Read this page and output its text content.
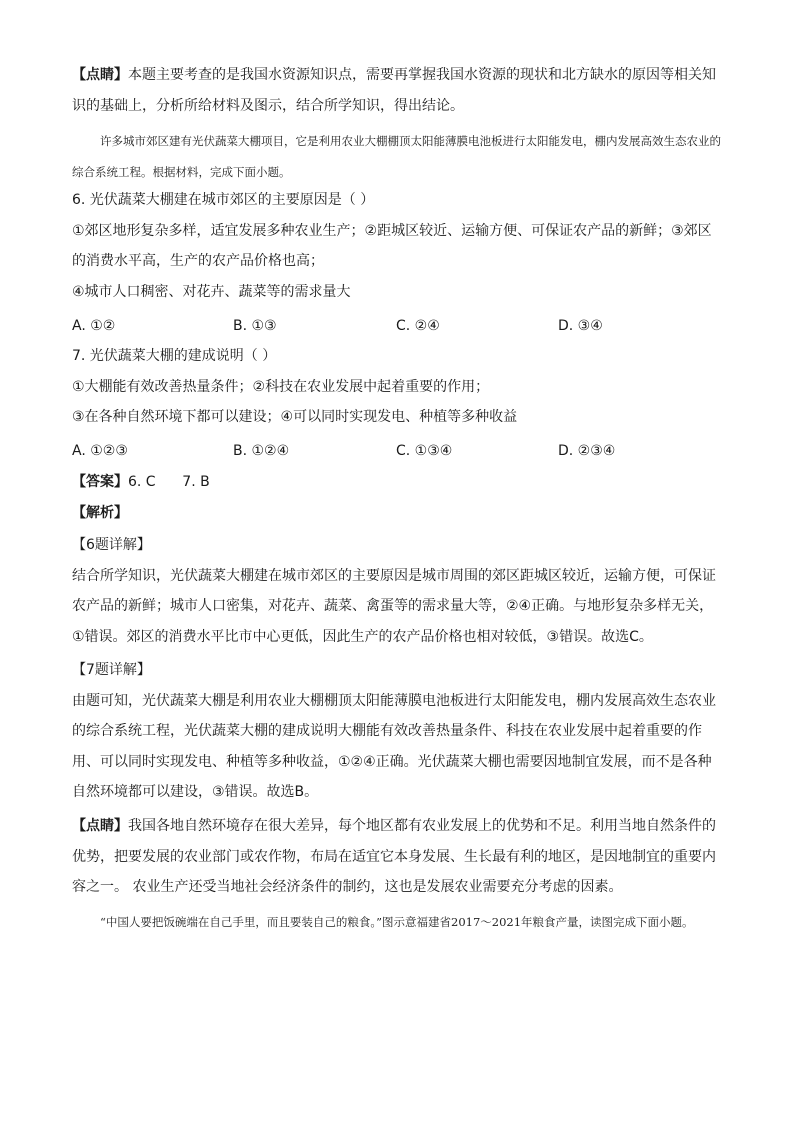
【点睛】本题主要考查的是我国水资源知识点，需要再掌握我国水资源的现状和北方缺水的原因等相关知识的基础上，分析所给材料及图示，结合所学知识，得出结论。

许多城市郊区建有光伏蔬菜大棚项目，它是利用农业大棚棚顶太阳能薄膜电池板进行太阳能发电，棚内发展高效生态农业的综合系统工程。根据材料，完成下面小题。

6. 光伏蔬菜大棚建在城市郊区的主要原因是（ ）

①郊区地形复杂多样，适宜发展多种农业生产；②距城区较近、运输方便、可保证农产品的新鲜；③郊区的消费水平高，生产的农产品价格也高；

④城市人口稠密、对花卉、蔬菜等的需求量大

A. ①②	B. ①③	C. ②④	D. ③④

7. 光伏蔬菜大棚的建成说明（ ）

①大棚能有效改善热量条件；②科技在农业发展中起着重要的作用；

③在各种自然环境下都可以建设；④可以同时实现发电、种植等多种收益

A. ①②③	B. ①②④	C. ①③④	D. ②③④

【答案】6. C      7. B

【解析】

【6题详解】

结合所学知识，光伏蔬菜大棚建在城市郊区的主要原因是城市周围的郊区距城区较近，运输方便，可保证农产品的新鲜；城市人口密集，对花卉、蔬菜、禽蛋等的需求量大等，②④正确。与地形复杂多样无关，①错误。郊区的消费水平比市中心更低，因此生产的农产品价格也相对较低，③错误。故选C。

【7题详解】

由题可知，光伏蔬菜大棚是利用农业大棚棚顶太阳能薄膜电池板进行太阳能发电，棚内发展高效生态农业的综合系统工程，光伏蔬菜大棚的建成说明大棚能有效改善热量条件、科技在农业发展中起着重要的作用、可以同时实现发电、种植等多种收益，①②④正确。光伏蔬菜大棚也需要因地制宜发展，而不是各种自然环境都可以建设，③错误。故选B。

【点睛】我国各地自然环境存在很大差异，每个地区都有农业发展上的优势和不足。利用当地自然条件的优势，把要发展的农业部门或农作物，布局在适宜它本身发展、生长最有利的地区，是因地制宜的重要内容之一。 农业生产还受当地社会经济条件的制约，这也是发展农业需要充分考虑的因素。

“中国人要把饭碗端在自己手里，而且要装自己的粮食。”图示意福建省2017～2021年粮食产量，读图完成下面小题。
